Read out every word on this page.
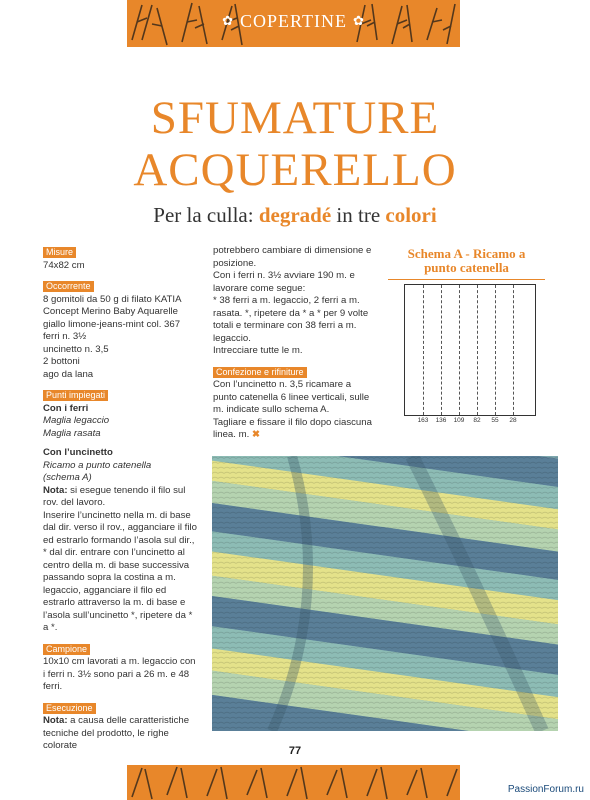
✿ COPERTINE ✿
SFUMATURE
ACQUERELLO
Per la culla: degradé in tre colori
Misure

74x82 cm

Occorrente

8 gomitoli da 50 g di filato KATIA Concept Merino Baby Aquarelle giallo limone-jeans-mint col. 367

ferri n. 3½

uncinetto n. 3,5

2 bottoni

ago da lana

Punti impiegati

Con i ferri

Maglia legaccio

Maglia rasata

Con l’uncinetto

Ricamo a punto catenella

(schema A)

Nota: si esegue tenendo il filo sul rov. del lavoro.

Inserire l’uncinetto nella m. di base dal dir. verso il rov., agganciare il filo ed estrarlo formando l’asola sul dir., * dal dir. entrare con l’uncinetto al centro della m. di base successiva passando sopra la costina a m. legaccio, agganciare il filo ed estrarlo attraverso la m. di base e l’asola sull’uncinetto *, ripetere da * a *.

Campione

10x10 cm lavorati a m. legaccio con i ferri n. 3½ sono pari a 26 m. e 48 ferri.

Esecuzione

Nota: a causa delle caratteristiche tecniche del prodotto, le righe colorate

potrebbero cambiare di dimensione e posizione.

Con i ferri n. 3½ avviare 190 m. e lavorare come segue:

* 38 ferri a m. legaccio, 2 ferri a m. rasata. *, ripetere da * a * per 9 volte totali e terminare con 38 ferri a m. legaccio.

Intrecciare tutte le m.

Confezione e rifiniture

Con l’uncinetto n. 3,5 ricamare a punto catenella 6 linee verticali, sulle m. indicate sullo schema A.

Tagliare e fissare il filo dopo ciascuna linea. m. ✖

Schema A - Ricamo a
punto catenella
163 136 109 82 55 28
77
PassionForum.ru
